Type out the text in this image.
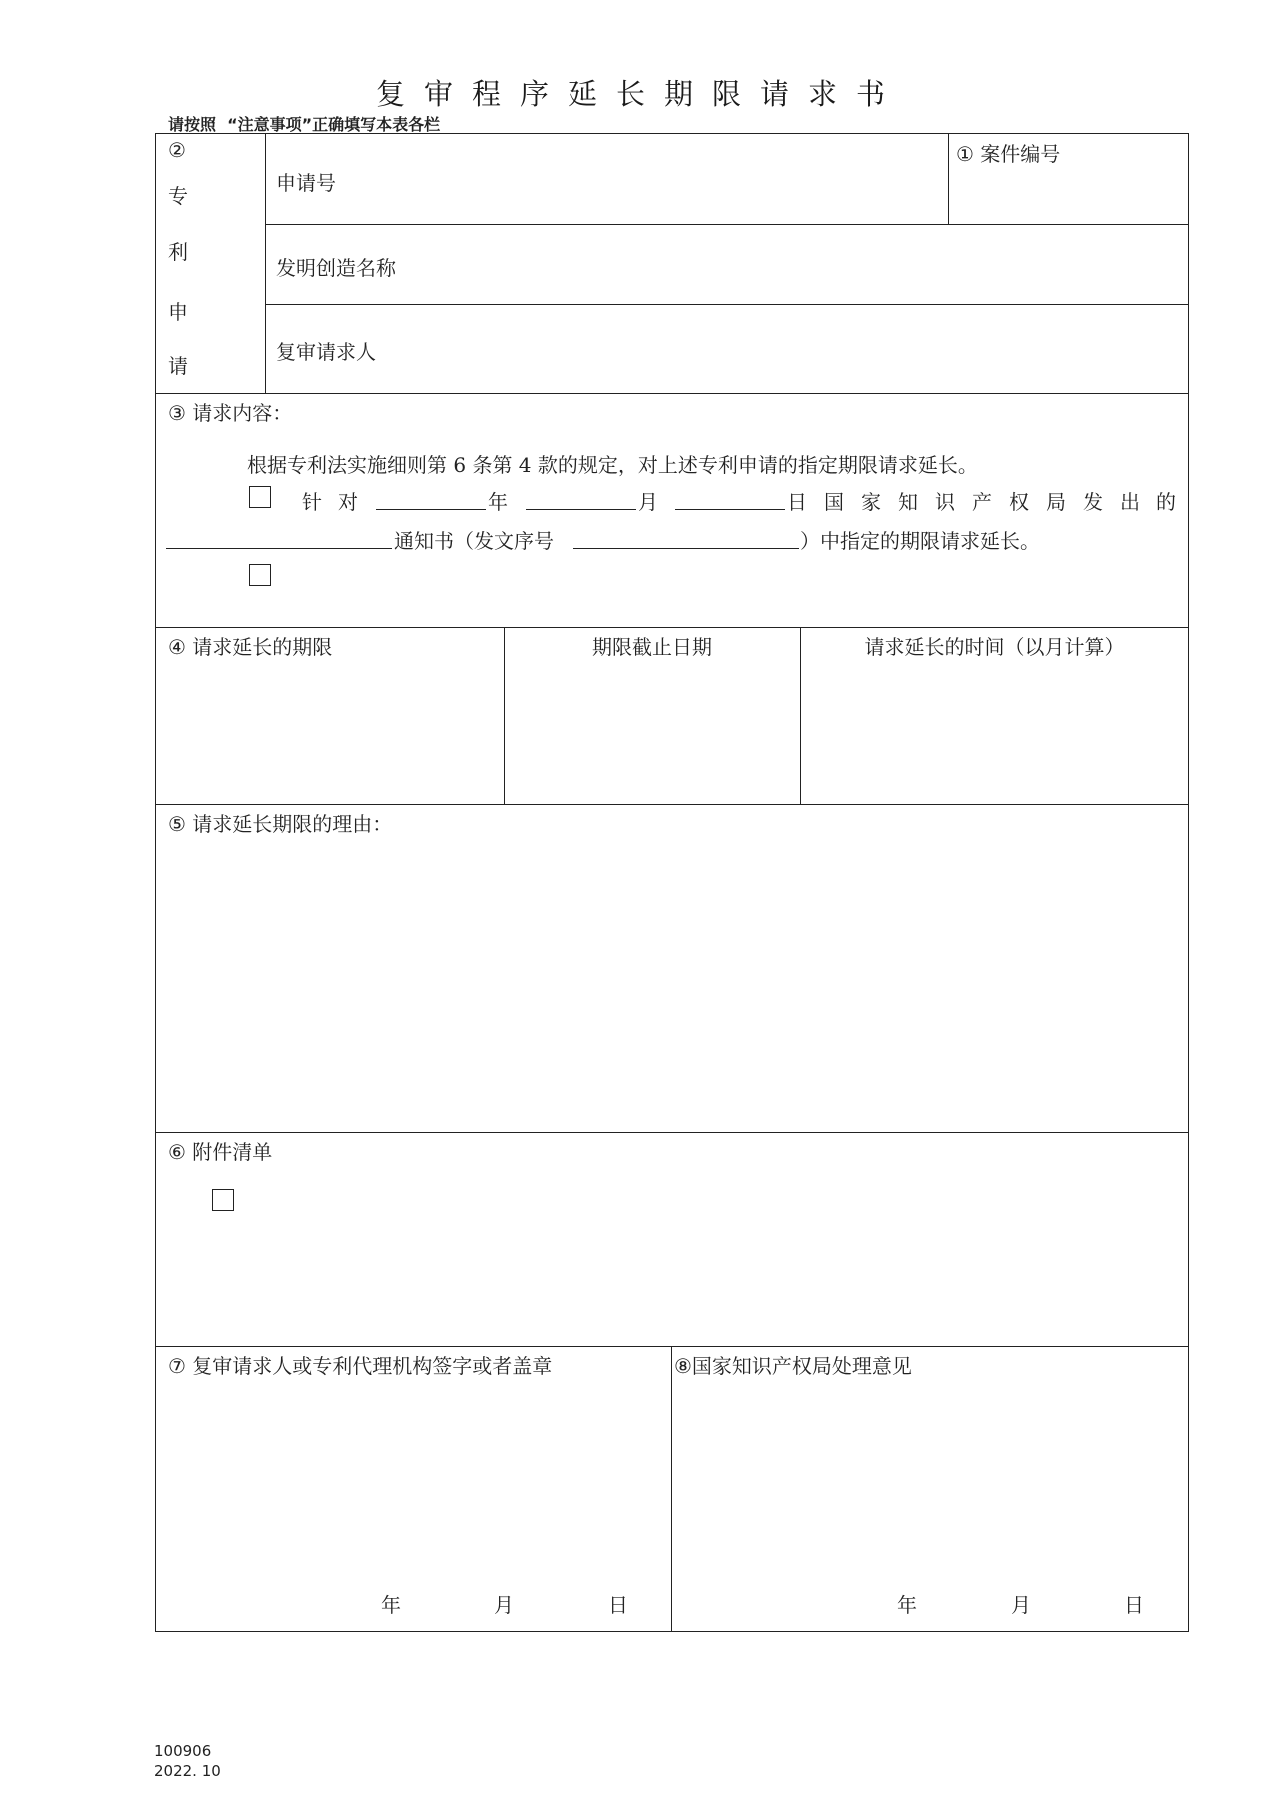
复审程序延长期限请求书
请按照  “注意事项”正确填写本表各栏
②
专
利
申
请
申请号
① 案件编号
发明创造名称
复审请求人
③ 请求内容：
根据专利法实施细则第 6 条第 4 款的规定，对上述专利申请的指定期限请求延长。
针 对	年	月	日 国 家 知 识 产 权 局 发 出 的
通知书（发文序号	）中指定的期限请求延长。
④ 请求延长的期限	期限截止日期	请求延长的时间（以月计算）
⑤ 请求延长期限的理由：
⑥ 附件清单
⑦ 复审请求人或专利代理机构签字或者盖章
年	月	日
⑧国家知识产权局处理意见
年	月	日
100906
2022. 10
